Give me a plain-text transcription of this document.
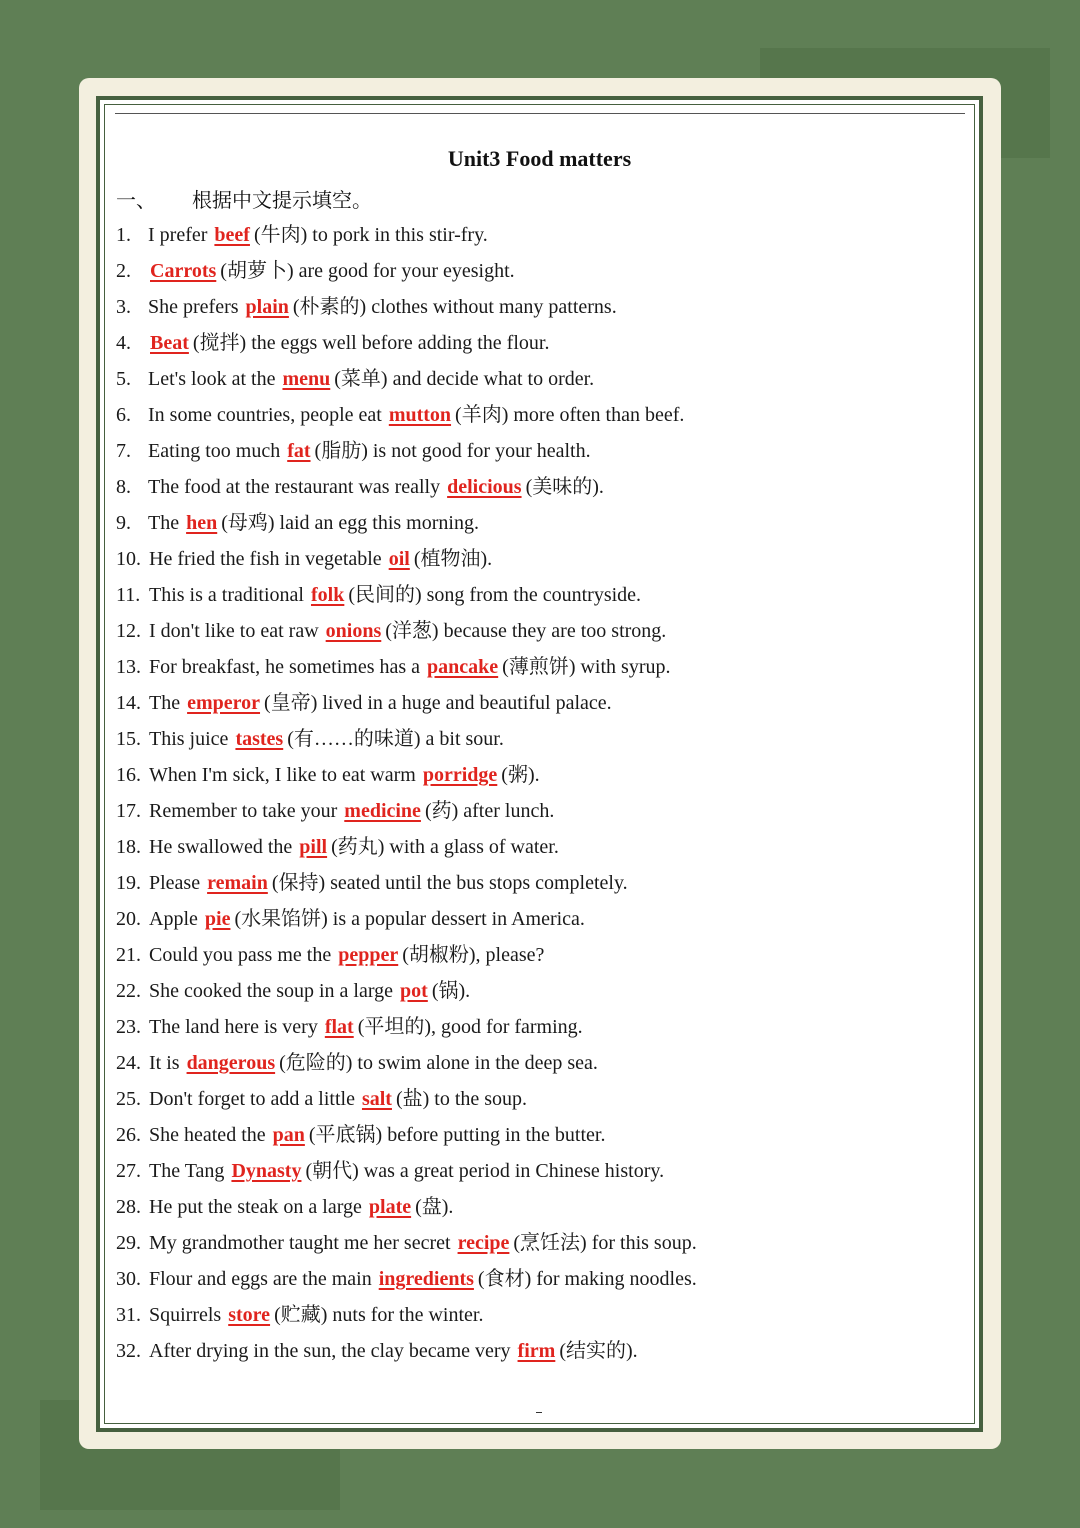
Unit3 Food matters
一、 根据中文提示填空。
1. I prefer beef (牛肉) to pork in this stir-fry.
2. Carrots (胡萝卜) are good for your eyesight.
3. She prefers plain (朴素的) clothes without many patterns.
4. Beat (搅拌) the eggs well before adding the flour.
5. Let's look at the menu (菜单) and decide what to order.
6. In some countries, people eat mutton (羊肉) more often than beef.
7. Eating too much fat (脂肪) is not good for your health.
8. The food at the restaurant was really delicious (美味的).
9. The hen (母鸡) laid an egg this morning.
10. He fried the fish in vegetable oil (植物油).
11. This is a traditional folk (民间的) song from the countryside.
12. I don't like to eat raw onions (洋葱) because they are too strong.
13. For breakfast, he sometimes has a pancake (薄煎饼) with syrup.
14. The emperor (皇帝) lived in a huge and beautiful palace.
15. This juice tastes (有……的味道) a bit sour.
16. When I'm sick, I like to eat warm porridge (粥).
17. Remember to take your medicine (药) after lunch.
18. He swallowed the pill (药丸) with a glass of water.
19. Please remain (保持) seated until the bus stops completely.
20. Apple pie (水果馅饼) is a popular dessert in America.
21. Could you pass me the pepper (胡椒粉), please?
22. She cooked the soup in a large pot (锅).
23. The land here is very flat (平坦的), good for farming.
24. It is dangerous (危险的) to swim alone in the deep sea.
25. Don't forget to add a little salt (盐) to the soup.
26. She heated the pan (平底锅) before putting in the butter.
27. The Tang Dynasty (朝代) was a great period in Chinese history.
28. He put the steak on a large plate (盘).
29. My grandmother taught me her secret recipe (烹饪法) for this soup.
30. Flour and eggs are the main ingredients (食材) for making noodles.
31. Squirrels store (贮藏) nuts for the winter.
32. After drying in the sun, the clay became very firm (结实的).
